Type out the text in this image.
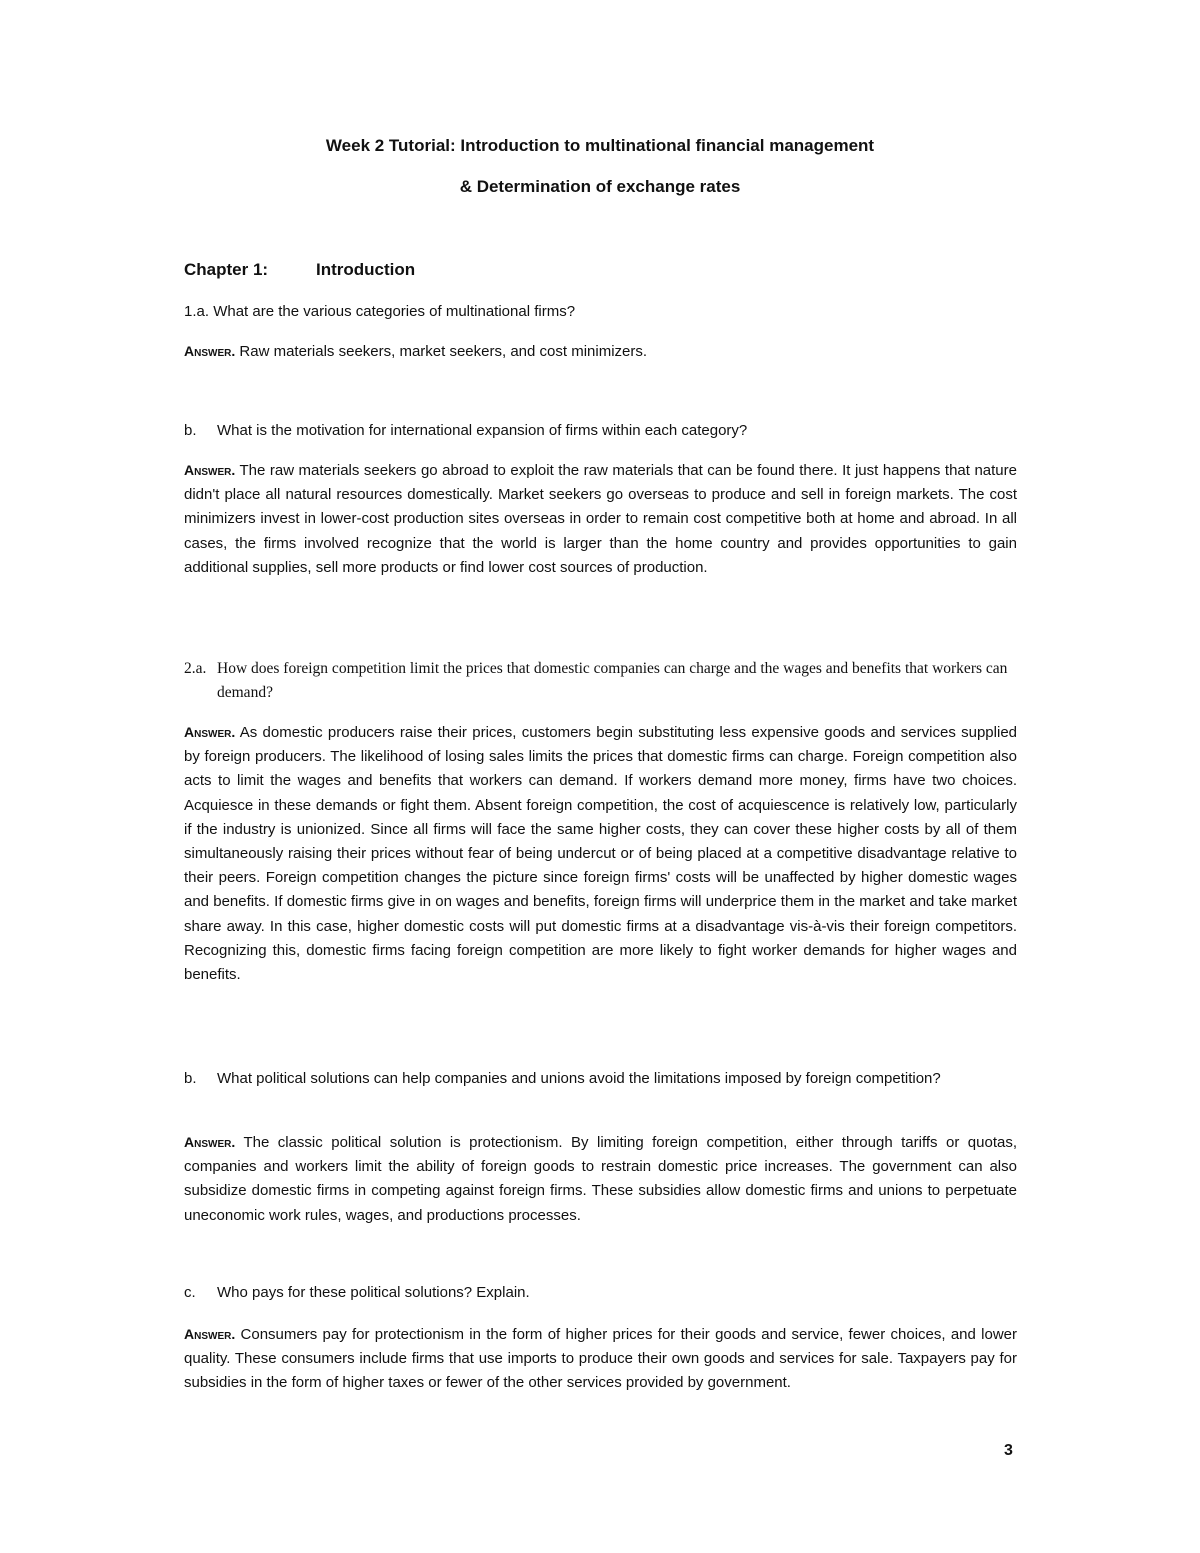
Week 2 Tutorial: Introduction to multinational financial management

& Determination of exchange rates

Chapter 1:	Introduction

1.a. What are the various categories of multinational firms?

Answer. Raw materials seekers, market seekers, and cost minimizers.

b.	What is the motivation for international expansion of firms within each category?

Answer. The raw materials seekers go abroad to exploit the raw materials that can be found there. It just happens that nature didn't place all natural resources domestically. Market seekers go overseas to produce and sell in foreign markets. The cost minimizers invest in lower-cost production sites overseas in order to remain cost competitive both at home and abroad. In all cases, the firms involved recognize that the world is larger than the home country and provides opportunities to gain additional supplies, sell more products or find lower cost sources of production.

2.a. How does foreign competition limit the prices that domestic companies can charge and the wages and benefits that workers can demand?

Answer. As domestic producers raise their prices, customers begin substituting less expensive goods and services supplied by foreign producers. The likelihood of losing sales limits the prices that domestic firms can charge. Foreign competition also acts to limit the wages and benefits that workers can demand. If workers demand more money, firms have two choices. Acquiesce in these demands or fight them. Absent foreign competition, the cost of acquiescence is relatively low, particularly if the industry is unionized. Since all firms will face the same higher costs, they can cover these higher costs by all of them simultaneously raising their prices without fear of being undercut or of being placed at a competitive disadvantage relative to their peers. Foreign competition changes the picture since foreign firms' costs will be unaffected by higher domestic wages and benefits. If domestic firms give in on wages and benefits, foreign firms will underprice them in the market and take market share away. In this case, higher domestic costs will put domestic firms at a disadvantage vis-à-vis their foreign competitors. Recognizing this, domestic firms facing foreign competition are more likely to fight worker demands for higher wages and benefits.

b.	What political solutions can help companies and unions avoid the limitations imposed by foreign competition?

Answer. The classic political solution is protectionism. By limiting foreign competition, either through tariffs or quotas, companies and workers limit the ability of foreign goods to restrain domestic price increases. The government can also subsidize domestic firms in competing against foreign firms. These subsidies allow domestic firms and unions to perpetuate uneconomic work rules, wages, and productions processes.

c.	Who pays for these political solutions? Explain.

Answer. Consumers pay for protectionism in the form of higher prices for their goods and service, fewer choices, and lower quality. These consumers include firms that use imports to produce their own goods and services for sale. Taxpayers pay for subsidies in the form of higher taxes or fewer of the other services provided by government.

3
